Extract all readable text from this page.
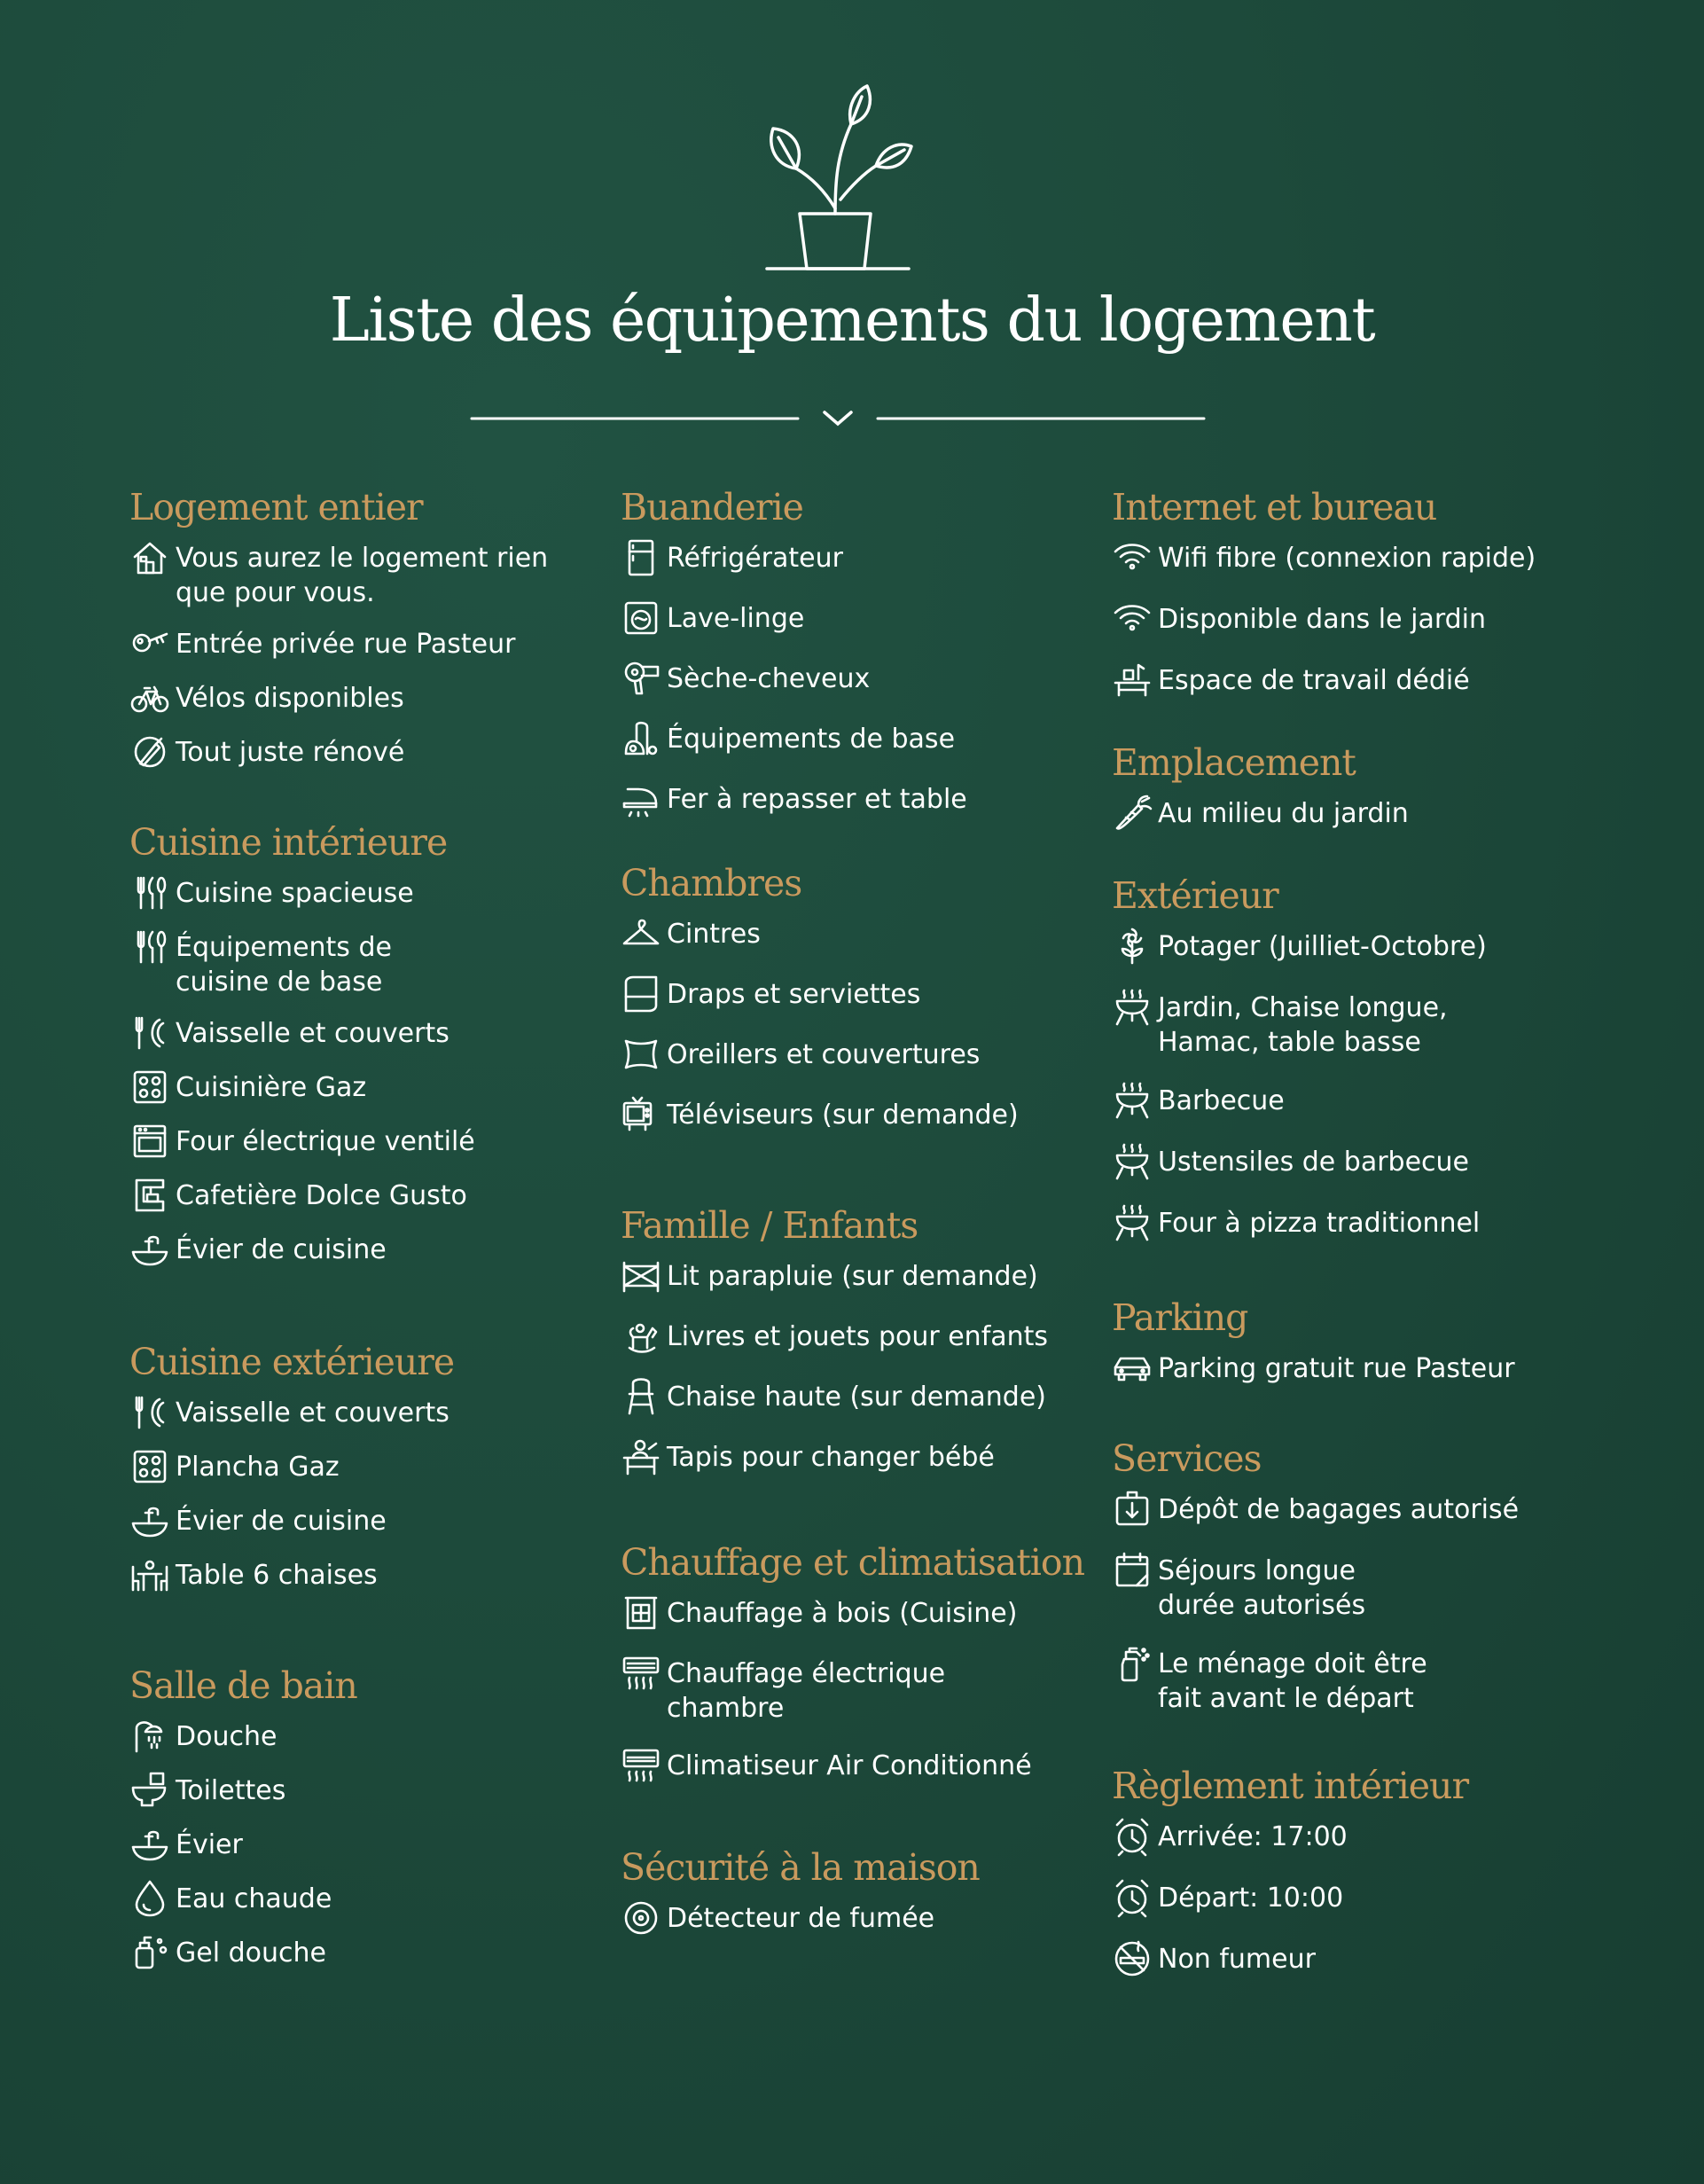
Liste des équipements du logement
Logement entier
Vous aurez le logement rien
que pour vous.
Entrée privée rue Pasteur
Vélos disponibles
Tout juste rénové
Cuisine intérieure
Cuisine spacieuse
Équipements de
cuisine de base
Vaisselle et couverts
Cuisinière Gaz
Four électrique ventilé
Cafetière Dolce Gusto
Évier de cuisine
Cuisine extérieure
Vaisselle et couverts
Plancha Gaz
Évier de cuisine
Table 6 chaises
Salle de bain
Douche
Toilettes
Évier
Eau chaude
Gel douche
Buanderie
Réfrigérateur
Lave-linge
Sèche-cheveux
Équipements de base
Fer à repasser et table
Chambres
Cintres
Draps et serviettes
Oreillers et couvertures
Téléviseurs (sur demande)
Famille / Enfants
Lit parapluie (sur demande)
Livres et jouets pour enfants
Chaise haute (sur demande)
Tapis pour changer bébé
Chauffage et climatisation
Chauffage à bois (Cuisine)
Chauffage électrique
chambre
Climatiseur Air Conditionné
Sécurité à la maison
Détecteur de fumée
Internet et bureau
Wifi fibre (connexion rapide)
Disponible dans le jardin
Espace de travail dédié
Emplacement
Au milieu du jardin
Extérieur
Potager (Juilliet-Octobre)
Jardin, Chaise longue,
Hamac, table basse
Barbecue
Ustensiles de barbecue
Four à pizza traditionnel
Parking
Parking gratuit rue Pasteur
Services
Dépôt de bagages autorisé
Séjours longue
durée autorisés
Le ménage doit être
fait avant le départ
Règlement intérieur
Arrivée: 17:00
Départ: 10:00
Non fumeur
